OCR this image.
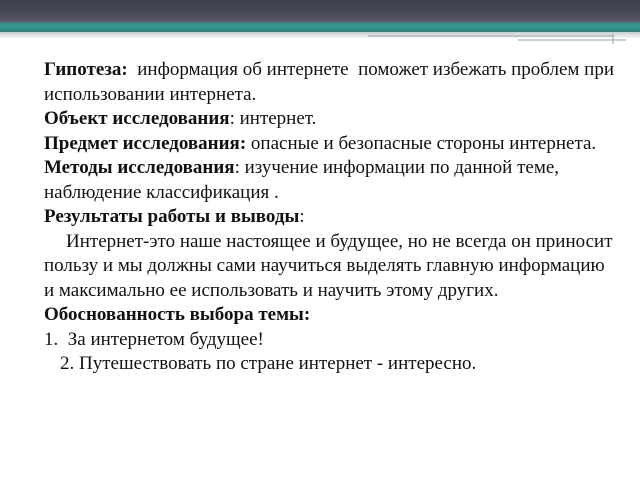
Гипотеза:  информация об интернете  поможет избежать проблем при использовании интернета.

Объект исследования: интернет.

Предмет исследования: опасные и безопасные стороны интернета.

Методы исследования: изучение информации по данной теме, наблюдение классификация .

Результаты работы и выводы:

Интернет-это наше настоящее и будущее, но не всегда он приносит пользу и мы должны сами научиться выделять главную информацию и максимально ее использовать и научить этому других.

Обоснованность выбора темы:

1.  За интернетом будущее!

2. Путешествовать по стране интернет - интересно.
